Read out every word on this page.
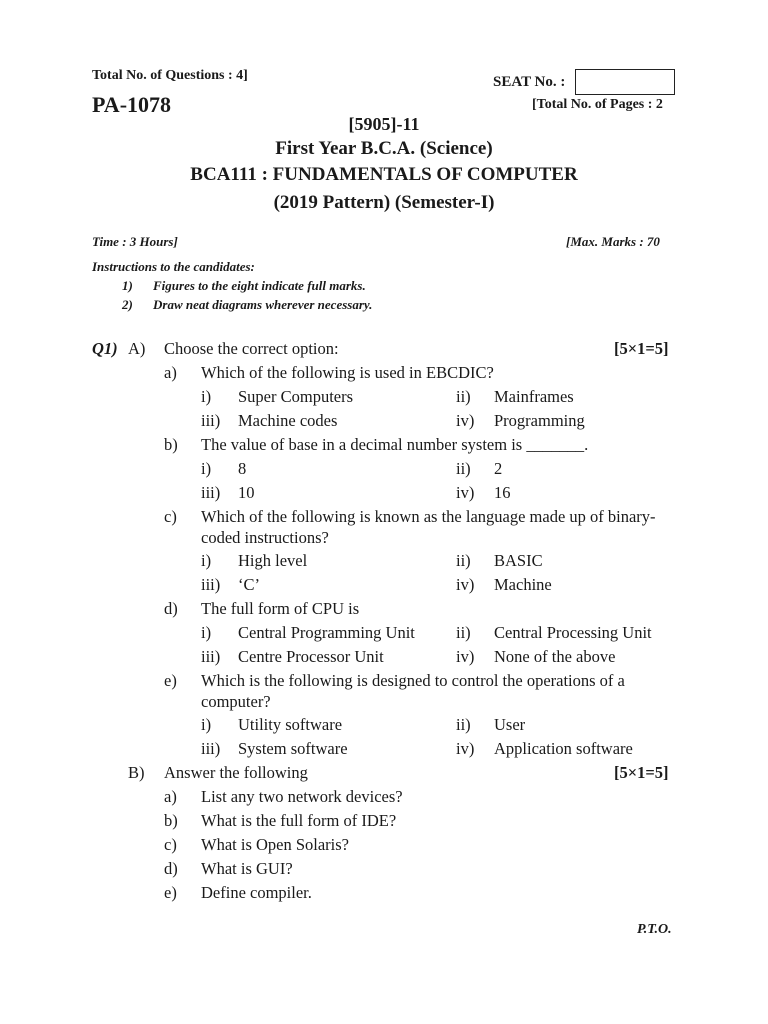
Total No. of Questions : 4]	SEAT No. :
PA-1078	[Total No. of Pages : 2
[5905]-11
First Year B.C.A. (Science)
BCA111 : FUNDAMENTALS OF COMPUTER
(2019 Pattern) (Semester-I)
Time : 3 Hours]	[Max. Marks : 70
Instructions to the candidates:
1) Figures to the eight indicate full marks.
2) Draw neat diagrams wherever necessary.
Q1) A) Choose the correct option:	[5×1=5]
a) Which of the following is used in EBCDIC?
i) Super Computers	ii) Mainframes
iii) Machine codes	iv) Programming
b) The value of base in a decimal number system is _______.
i) 8	ii) 2
iii) 10	iv) 16
c) Which of the following is known as the language made up of binary-
coded instructions?
i) High level	ii) BASIC
iii) ‘C’	iv) Machine
d) The full form of CPU is
i) Central Programming Unit ii) Central Processing Unit
iii) Centre Processor Unit	iv) None of the above
e) Which is the following is designed to control the operations of a
computer?
i) Utility software	ii) User
iii) System software	iv) Application software
B) Answer the following	[5×1=5]
a) List any two network devices?
b) What is the full form of IDE?
c) What is Open Solaris?
d) What is GUI?
e) Define compiler.
P.T.O.
